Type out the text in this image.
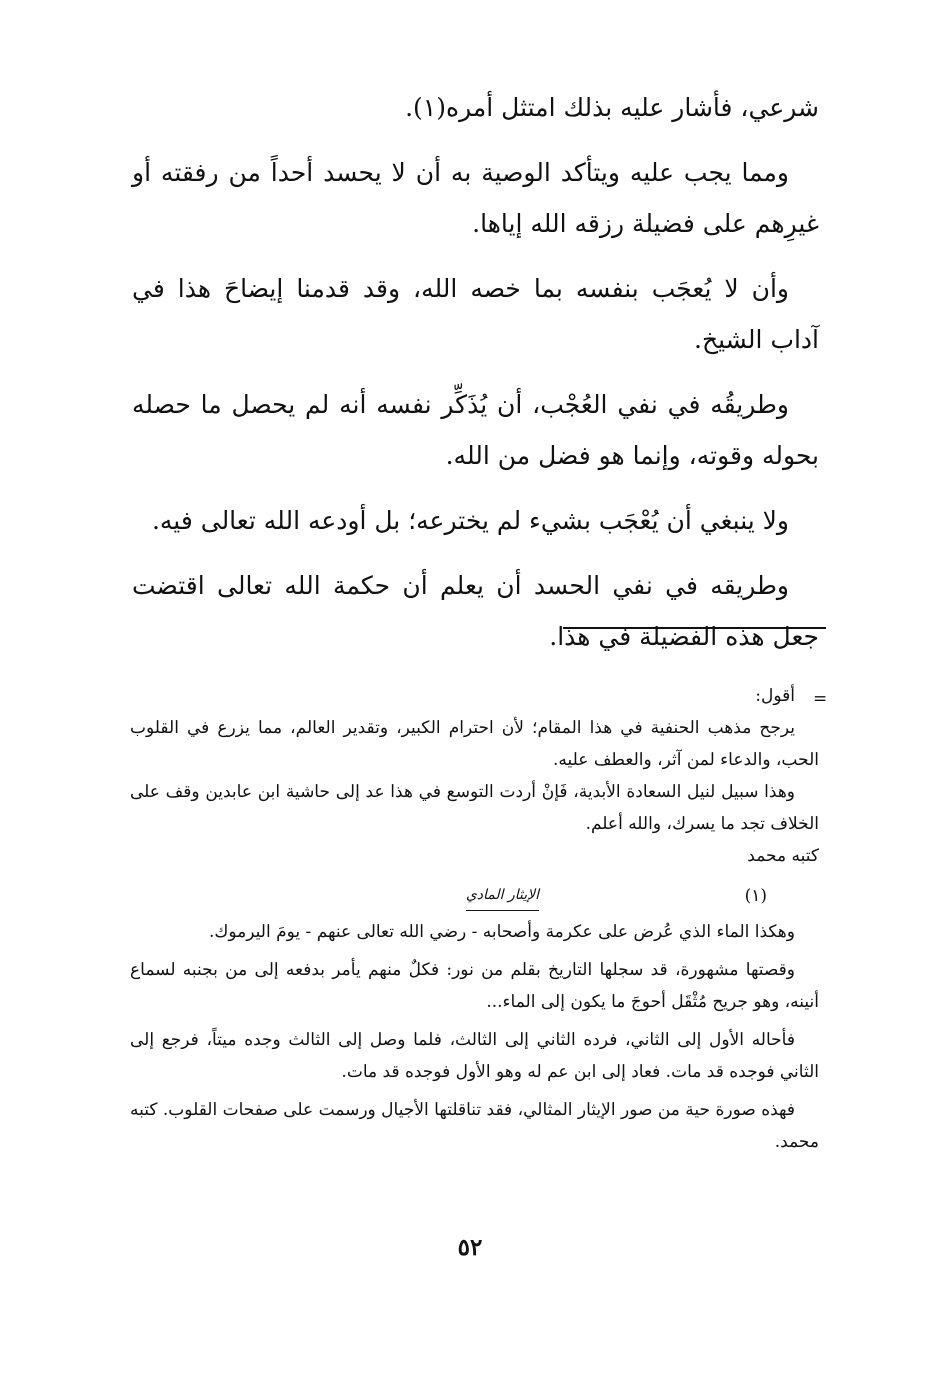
شرعي، فأشار عليه بذلك امتثل أمره(١).

ومما يجب عليه ويتأكد الوصية به أن لا يحسد أحداً من رفقته أو غيرِهم على فضيلة رزقه الله إياها.

وأن لا يُعجَب بنفسه بما خصه الله، وقد قدمنا إيضاحَ هذا في آداب الشيخ.

وطريقُه في نفي العُجْب، أن يُذَكِّر نفسه أنه لم يحصل ما حصله بحوله وقوته، وإنما هو فضل من الله.

ولا ينبغي أن يُعْجَب بشيء لم يخترعه؛ بل أودعه الله تعالى فيه.

وطريقه في نفي الحسد أن يعلم أن حكمة الله تعالى اقتضت جعل هذه الفضيلة في هذا.

=

أقول:

يرجح مذهب الحنفية في هذا المقام؛ لأن احترام الكبير، وتقدير العالم، مما يزرع في القلوب الحب، والدعاء لمن آثر، والعطف عليه.

وهذا سبيل لنيل السعادة الأبدية، فَإنْ أردت التوسع في هذا عد إلى حاشية ابن عابدين وقف على الخلاف تجد ما يسرك، والله أعلم.

كتبه محمد

(١)
الإيثار المادي

وهكذا الماء الذي عُرض على عكرمة وأصحابه - رضي الله تعالى عنهم - يومَ اليرموك.

وقصتها مشهورة، قد سجلها التاريخ بقلم من نور: فكلٌ منهم يأمر بدفعه إلى من بجنبه لسماع أنينه، وهو جريح مُثْقَل أحوجَ ما يكون إلى الماء...

فأحاله الأول إلى الثاني، فرده الثاني إلى الثالث، فلما وصل إلى الثالث وجده ميتاً، فرجع إلى الثاني فوجده قد مات. فعاد إلى ابن عم له وهو الأول فوجده قد مات.

فهذه صورة حية من صور الإيثار المثالي، فقد تناقلتها الأجيال ورسمت على صفحات القلوب. كتبه محمد.

٥٢
